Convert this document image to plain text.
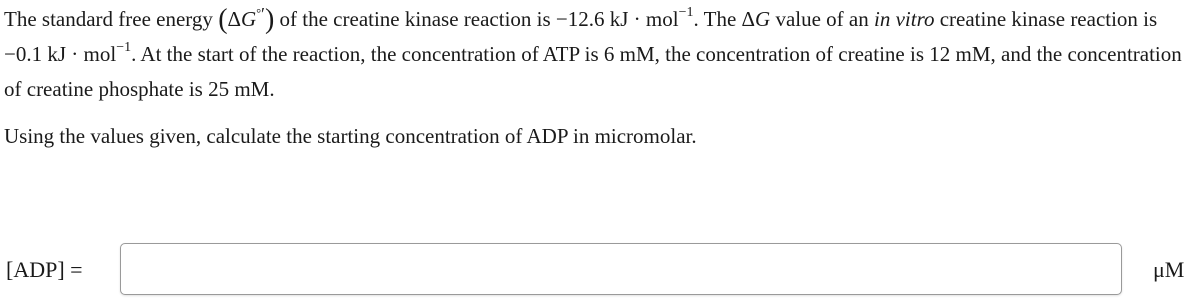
The standard free energy (ΔG°′) of the creatine kinase reaction is −12.6 kJ · mol$^{-1}$. The ΔG value of an in vitro creatine kinase reaction is −0.1 kJ · mol$^{-1}$. At the start of the reaction, the concentration of ATP is 6 mM, the concentration of creatine is 12 mM, and the concentration of creatine phosphate is 25 mM.

Using the values given, calculate the starting concentration of ADP in micromolar.

[ADP] =	μM
